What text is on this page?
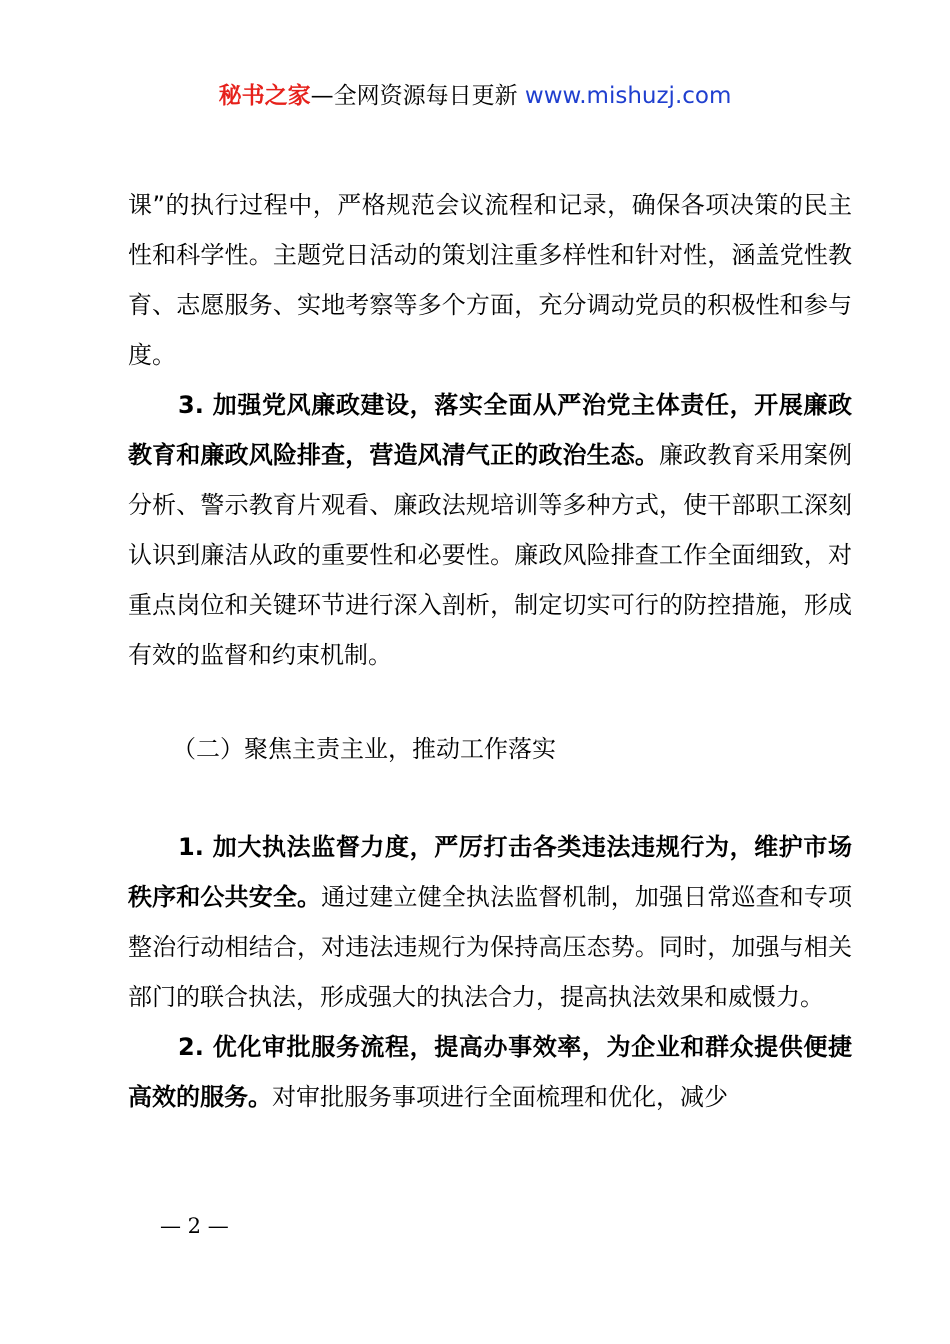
秘书之家—全网资源每日更新 www.mishuzj.com

课”的执行过程中，严格规范会议流程和记录，确保各项决策的民主性和科学性。主题党日活动的策划注重多样性和针对性，涵盖党性教育、志愿服务、实地考察等多个方面，充分调动党员的积极性和参与度。

3. 加强党风廉政建设，落实全面从严治党主体责任，开展廉政教育和廉政风险排查，营造风清气正的政治生态。廉政教育采用案例分析、警示教育片观看、廉政法规培训等多种方式，使干部职工深刻认识到廉洁从政的重要性和必要性。廉政风险排查工作全面细致，对重点岗位和关键环节进行深入剖析，制定切实可行的防控措施，形成有效的监督和约束机制。

（二）聚焦主责主业，推动工作落实

1. 加大执法监督力度，严厉打击各类违法违规行为，维护市场秩序和公共安全。通过建立健全执法监督机制，加强日常巡查和专项整治行动相结合，对违法违规行为保持高压态势。同时，加强与相关部门的联合执法，形成强大的执法合力，提高执法效果和威慑力。

2. 优化审批服务流程，提高办事效率，为企业和群众提供便捷高效的服务。对审批服务事项进行全面梳理和优化，减少

— 2 —
